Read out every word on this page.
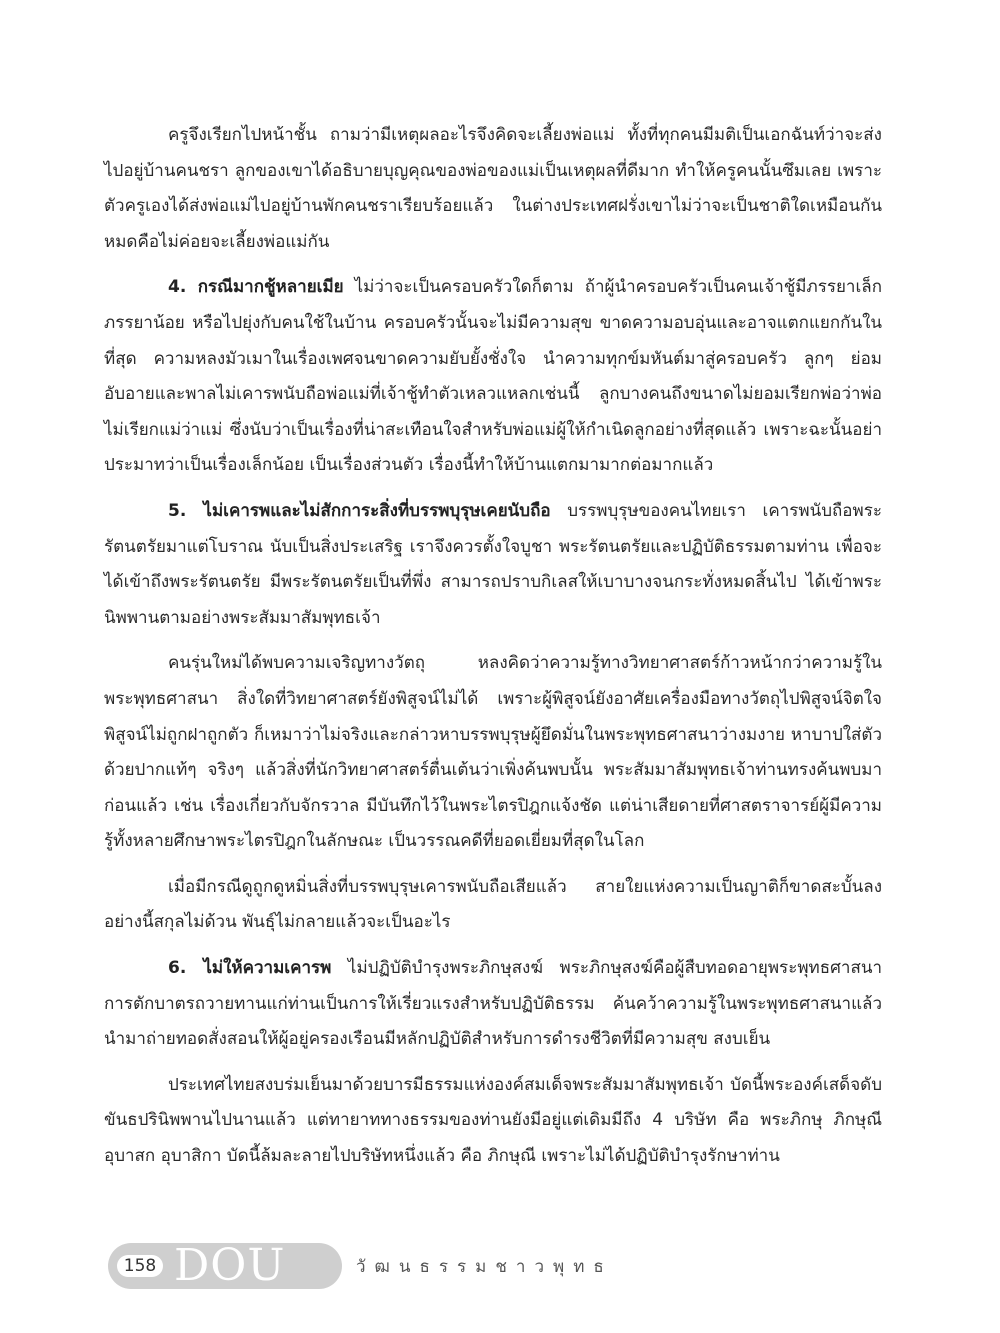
ครูจึงเรียกไปหน้าชั้น ถามว่ามีเหตุผลอะไรจึงคิดจะเลี้ยงพ่อแม่ ทั้งที่ทุกคนมีมติเป็นเอกฉันท์ว่าจะส่งไปอยู่บ้านคนชรา ลูกของเขาได้อธิบายบุญคุณของพ่อของแม่เป็นเหตุผลที่ดีมาก ทำให้ครูคนนั้นซึมเลย เพราะตัวครูเองได้ส่งพ่อแม่ไปอยู่บ้านพักคนชราเรียบร้อยแล้ว ในต่างประเทศฝรั่งเขาไม่ว่าจะเป็นชาติใดเหมือนกันหมดคือไม่ค่อยจะเลี้ยงพ่อแม่กัน

4. กรณีมากชู้หลายเมีย ไม่ว่าจะเป็นครอบครัวใดก็ตาม ถ้าผู้นำครอบครัวเป็นคนเจ้าชู้มีภรรยาเล็กภรรยาน้อย หรือไปยุ่งกับคนใช้ในบ้าน ครอบครัวนั้นจะไม่มีความสุข ขาดความอบอุ่นและอาจแตกแยกกันในที่สุด ความหลงมัวเมาในเรื่องเพศจนขาดความยับยั้งชั่งใจ นำความทุกข์มหันต์มาสู่ครอบครัว ลูกๆ ย่อมอับอายและพาลไม่เคารพนับถือพ่อแม่ที่เจ้าชู้ทำตัวเหลวแหลกเช่นนี้ ลูกบางคนถึงขนาดไม่ยอมเรียกพ่อว่าพ่อ ไม่เรียกแม่ว่าแม่ ซึ่งนับว่าเป็นเรื่องที่น่าสะเทือนใจสำหรับพ่อแม่ผู้ให้กำเนิดลูกอย่างที่สุดแล้ว เพราะฉะนั้นอย่าประมาทว่าเป็นเรื่องเล็กน้อย เป็นเรื่องส่วนตัว เรื่องนี้ทำให้บ้านแตกมามากต่อมากแล้ว

5. ไม่เคารพและไม่สักการะสิ่งที่บรรพบุรุษเคยนับถือ บรรพบุรุษของคนไทยเรา เคารพนับถือพระรัตนตรัยมาแต่โบราณ นับเป็นสิ่งประเสริฐ เราจึงควรตั้งใจบูชา พระรัตนตรัยและปฏิบัติธรรมตามท่าน เพื่อจะได้เข้าถึงพระรัตนตรัย มีพระรัตนตรัยเป็นที่พึ่ง สามารถปราบกิเลสให้เบาบางจนกระทั่งหมดสิ้นไป ได้เข้าพระนิพพานตามอย่างพระสัมมาสัมพุทธเจ้า

คนรุ่นใหม่ได้พบความเจริญทางวัตถุ หลงคิดว่าความรู้ทางวิทยาศาสตร์ก้าวหน้ากว่าความรู้ในพระพุทธศาสนา สิ่งใดที่วิทยาศาสตร์ยังพิสูจน์ไม่ได้ เพราะผู้พิสูจน์ยังอาศัยเครื่องมือทางวัตถุไปพิสูจน์จิตใจ พิสูจน์ไม่ถูกฝาถูกตัว ก็เหมาว่าไม่จริงและกล่าวหาบรรพบุรุษผู้ยึดมั่นในพระพุทธศาสนาว่างมงาย หาบาปใส่ตัวด้วยปากแท้ๆ จริงๆ แล้วสิ่งที่นักวิทยาศาสตร์ตื่นเต้นว่าเพิ่งค้นพบนั้น พระสัมมาสัมพุทธเจ้าท่านทรงค้นพบมาก่อนแล้ว เช่น เรื่องเกี่ยวกับจักรวาล มีบันทึกไว้ในพระไตรปิฎกแจ้งชัด แต่น่าเสียดายที่ศาสตราจารย์ผู้มีความรู้ทั้งหลายศึกษาพระไตรปิฎกในลักษณะ เป็นวรรณคดีที่ยอดเยี่ยมที่สุดในโลก

เมื่อมีกรณีดูถูกดูหมิ่นสิ่งที่บรรพบุรุษเคารพนับถือเสียแล้ว สายใยแห่งความเป็นญาติก็ขาดสะบั้นลงอย่างนี้สกุลไม่ด้วน พันธุ์ไม่กลายแล้วจะเป็นอะไร

6. ไม่ให้ความเคารพ ไม่ปฏิบัติบำรุงพระภิกษุสงฆ์ พระภิกษุสงฆ์คือผู้สืบทอดอายุพระพุทธศาสนา การตักบาตรถวายทานแก่ท่านเป็นการให้เรี่ยวแรงสำหรับปฏิบัติธรรม ค้นคว้าความรู้ในพระพุทธศาสนาแล้วนำมาถ่ายทอดสั่งสอนให้ผู้อยู่ครองเรือนมีหลักปฏิบัติสำหรับการดำรงชีวิตที่มีความสุข สงบเย็น

ประเทศไทยสงบร่มเย็นมาด้วยบารมีธรรมแห่งองค์สมเด็จพระสัมมาสัมพุทธเจ้า บัดนี้พระองค์เสด็จดับขันธปรินิพพานไปนานแล้ว แต่ทายาททางธรรมของท่านยังมีอยู่แต่เดิมมีถึง 4 บริษัท คือ พระภิกษุ ภิกษุณี อุบาสก อุบาสิกา บัดนี้ล้มละลายไปบริษัทหนึ่งแล้ว คือ ภิกษุณี เพราะไม่ได้ปฏิบัติบำรุงรักษาท่าน

158 DOU	วัฒนธรรมชาวพุทธ
